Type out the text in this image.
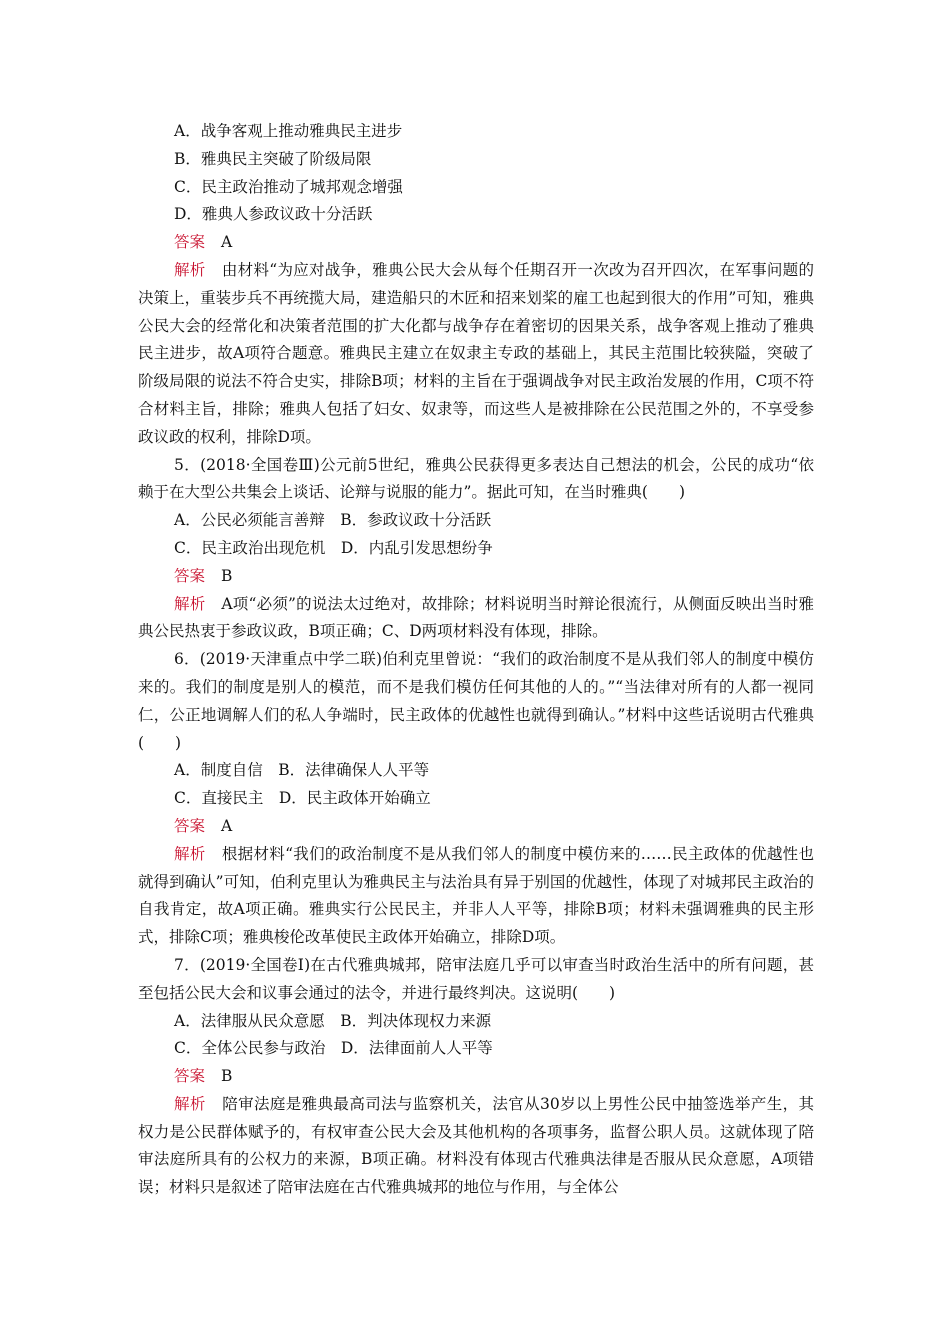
A．战争客观上推动雅典民主进步
B．雅典民主突破了阶级局限
C．民主政治推动了城邦观念增强
D．雅典人参政议政十分活跃
答案 A
解析 由材料“为应对战争，雅典公民大会从每个任期召开一次改为召开四次，在军事问题的决策上，重装步兵不再统揽大局，建造船只的木匠和招来划桨的雇工也起到很大的作用”可知，雅典公民大会的经常化和决策者范围的扩大化都与战争存在着密切的因果关系，战争客观上推动了雅典民主进步，故A项符合题意。雅典民主建立在奴隶主专政的基础上，其民主范围比较狭隘，突破了阶级局限的说法不符合史实，排除B项；材料的主旨在于强调战争对民主政治发展的作用，C项不符合材料主旨，排除；雅典人包括了妇女、奴隶等，而这些人是被排除在公民范围之外的，不享受参政议政的权利，排除D项。
5．(2018·全国卷Ⅲ)公元前5世纪，雅典公民获得更多表达自己想法的机会，公民的成功“依赖于在大型公共集会上谈话、论辩与说服的能力”。据此可知，在当时雅典(　　)
A．公民必须能言善辩　B．参政议政十分活跃
C．民主政治出现危机　D．内乱引发思想纷争
答案 B
解析 A项“必须”的说法太过绝对，故排除；材料说明当时辩论很流行，从侧面反映出当时雅典公民热衷于参政议政，B项正确；C、D两项材料没有体现，排除。
6．(2019·天津重点中学二联)伯利克里曾说：“我们的政治制度不是从我们邻人的制度中模仿来的。我们的制度是别人的模范，而不是我们模仿任何其他的人的。”“当法律对所有的人都一视同仁，公正地调解人们的私人争端时，民主政体的优越性也就得到确认。”材料中这些话说明古代雅典(　　)
A．制度自信　B．法律确保人人平等
C．直接民主　D．民主政体开始确立
答案 A
解析 根据材料“我们的政治制度不是从我们邻人的制度中模仿来的……民主政体的优越性也就得到确认”可知，伯利克里认为雅典民主与法治具有异于别国的优越性，体现了对城邦民主政治的自我肯定，故A项正确。雅典实行公民民主，并非人人平等，排除B项；材料未强调雅典的民主形式，排除C项；雅典梭伦改革使民主政体开始确立，排除D项。
7．(2019·全国卷Ⅰ)在古代雅典城邦，陪审法庭几乎可以审查当时政治生活中的所有问题，甚至包括公民大会和议事会通过的法令，并进行最终判决。这说明(　　)
A．法律服从民众意愿　B．判决体现权力来源
C．全体公民参与政治　D．法律面前人人平等
答案 B
解析 陪审法庭是雅典最高司法与监察机关，法官从30岁以上男性公民中抽签选举产生，其权力是公民群体赋予的，有权审查公民大会及其他机构的各项事务，监督公职人员。这就体现了陪审法庭所具有的公权力的来源，B项正确。材料没有体现古代雅典法律是否服从民众意愿，A项错误；材料只是叙述了陪审法庭在古代雅典城邦的地位与作用，与全体公
